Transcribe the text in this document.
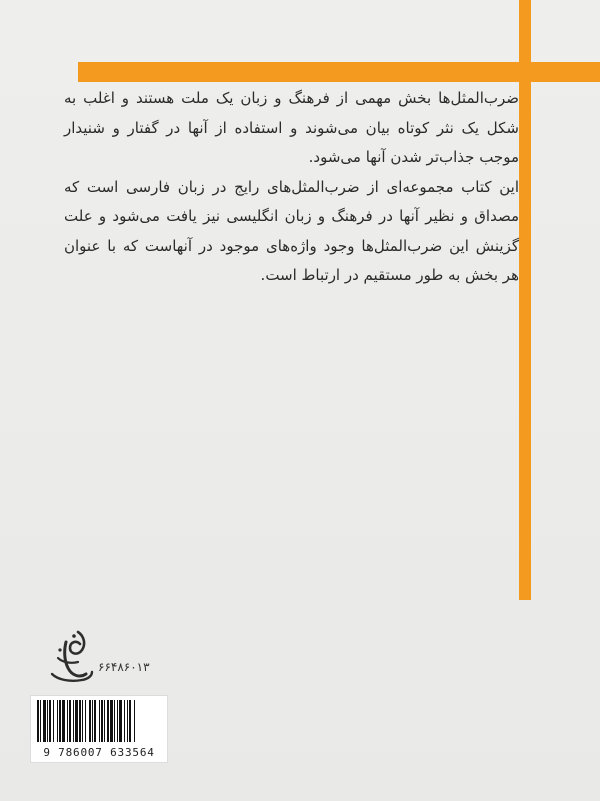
ضرب‌المثل‌ها بخش مهمی از فرهنگ و زبان یک ملت هستند و اغلب به شکل یک نثر کوتاه بیان می‌شوند و استفاده از آنها در گفتار و شنیدار موجب جذاب‌تر شدن آنها می‌شود.

این کتاب مجموعه‌ای از ضرب‌المثل‌های رایج در زبان فارسی است که مصداق و نظیر آنها در فرهنگ و زبان انگلیسی نیز یافت می‌شود و علت گزینش این ضرب‌المثل‌ها وجود واژه‌های موجود در آنهاست که با عنوان هر بخش به طور مستقیم در ارتباط است.

۶۶۴۸۶۰۱۳
9 786007 633564
